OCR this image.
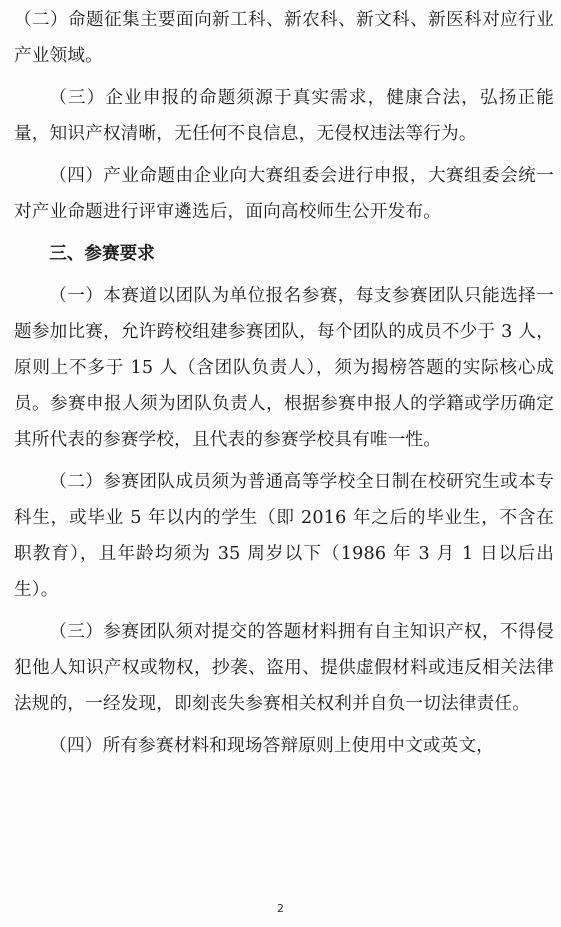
（二）命题征集主要面向新工科、新农科、新文科、新医科对应行业产业领域。

（三）企业申报的命题须源于真实需求，健康合法，弘扬正能量，知识产权清晰，无任何不良信息，无侵权违法等行为。

（四）产业命题由企业向大赛组委会进行申报，大赛组委会统一对产业命题进行评审遴选后，面向高校师生公开发布。

三、参赛要求

（一）本赛道以团队为单位报名参赛，每支参赛团队只能选择一题参加比赛，允许跨校组建参赛团队，每个团队的成员不少于 3 人，原则上不多于 15 人（含团队负责人），须为揭榜答题的实际核心成员。参赛申报人须为团队负责人，根据参赛申报人的学籍或学历确定其所代表的参赛学校，且代表的参赛学校具有唯一性。

（二）参赛团队成员须为普通高等学校全日制在校研究生或本专科生，或毕业 5 年以内的学生（即 2016 年之后的毕业生，不含在职教育），且年龄均须为 35 周岁以下（1986 年 3 月 1 日以后出生）。

（三）参赛团队须对提交的答题材料拥有自主知识产权，不得侵犯他人知识产权或物权，抄袭、盗用、提供虚假材料或违反相关法律法规的，一经发现，即刻丧失参赛相关权利并自负一切法律责任。

（四）所有参赛材料和现场答辩原则上使用中文或英文，

2
